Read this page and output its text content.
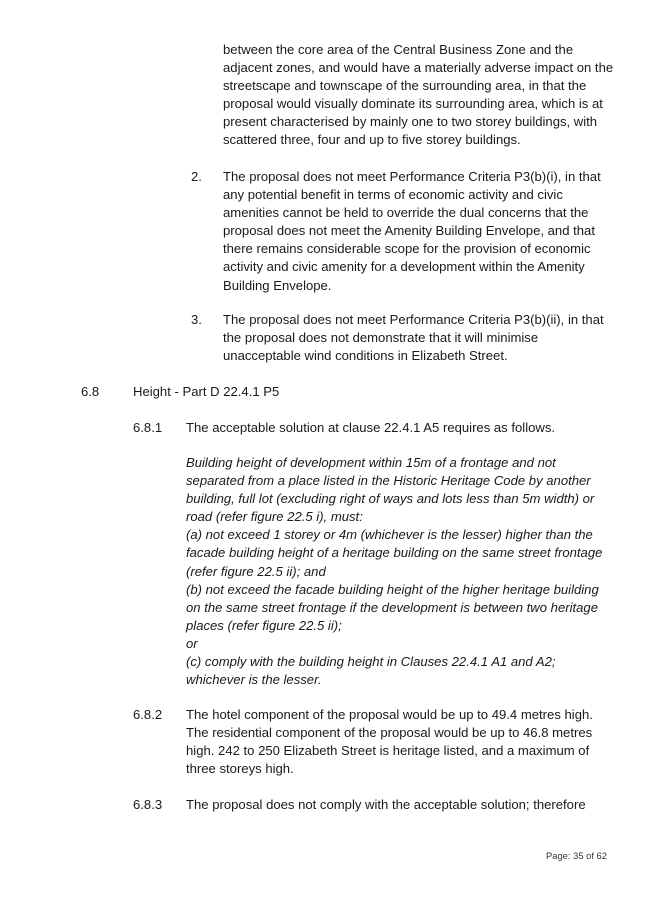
between the core area of the Central Business Zone and the
adjacent zones, and would have a materially adverse impact on the
streetscape and townscape of the surrounding area, in that the
proposal would visually dominate its surrounding area, which is at
present characterised by mainly one to two storey buildings, with
scattered three, four and up to five storey buildings.
2. The proposal does not meet Performance Criteria P3(b)(i), in that
any potential benefit in terms of economic activity and civic
amenities cannot be held to override the dual concerns that the
proposal does not meet the Amenity Building Envelope, and that
there remains considerable scope for the provision of economic
activity and civic amenity for a development within the Amenity
Building Envelope.
3. The proposal does not meet Performance Criteria P3(b)(ii), in that
the proposal does not demonstrate that it will minimise
unacceptable wind conditions in Elizabeth Street.
6.8	Height - Part D 22.4.1 P5
6.8.1 The acceptable solution at clause 22.4.1 A5 requires as follows.
Building height of development within 15m of a frontage and not
separated from a place listed in the Historic Heritage Code by another
building, full lot (excluding right of ways and lots less than 5m width) or
road (refer figure 22.5 i), must:
(a) not exceed 1 storey or 4m (whichever is the lesser) higher than the
facade building height of a heritage building on the same street frontage
(refer figure 22.5 ii); and
(b) not exceed the facade building height of the higher heritage building
on the same street frontage if the development is between two heritage
places (refer figure 22.5 ii);
or
(c) comply with the building height in Clauses 22.4.1 A1 and A2;
whichever is the lesser.
6.8.2 The hotel component of the proposal would be up to 49.4 metres high.
The residential component of the proposal would be up to 46.8 metres
high. 242 to 250 Elizabeth Street is heritage listed, and a maximum of
three storeys high.
6.8.3 The proposal does not comply with the acceptable solution; therefore
Page: 35 of 62
